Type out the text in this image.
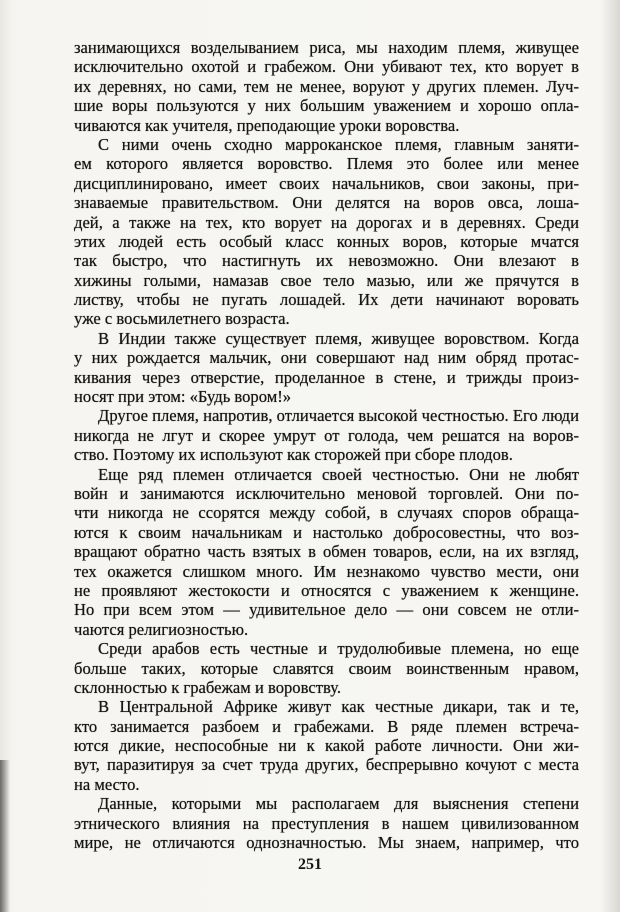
занимающихся возделыванием риса, мы находим племя, живущее
исключительно охотой и грабежом. Они убивают тех, кто ворует в
их деревнях, но сами, тем не менее, воруют у других племен. Луч-
шие воры пользуются у них большим уважением и хорошо опла-
чиваются как учителя, преподающие уроки воровства.
С ними очень сходно марроканское племя, главным заняти-
ем которого является воровство. Племя это более или менее
дисциплинировано, имеет своих начальников, свои законы, при-
знаваемые правительством. Они делятся на воров овса, лоша-
дей, а также на тех, кто ворует на дорогах и в деревнях. Среди
этих людей есть особый класс конных воров, которые мчатся
так быстро, что настигнуть их невозможно. Они влезают в
хижины голыми, намазав свое тело мазью, или же прячутся в
листву, чтобы не пугать лошадей. Их дети начинают воровать
уже с восьмилетнего возраста.
В Индии также существует племя, живущее воровством. Когда
у них рождается мальчик, они совершают над ним обряд протас-
кивания через отверстие, проделанное в стене, и трижды произ-
носят при этом: «Будь вором!»
Другое племя, напротив, отличается высокой честностью. Его люди
никогда не лгут и скорее умрут от голода, чем решатся на воров-
ство. Поэтому их используют как сторожей при сборе плодов.
Еще ряд племен отличается своей честностью. Они не любят
войн и занимаются исключительно меновой торговлей. Они по-
чти никогда не ссорятся между собой, в случаях споров обраща-
ются к своим начальникам и настолько добросовестны, что воз-
вращают обратно часть взятых в обмен товаров, если, на их взгляд,
тех окажется слишком много. Им незнакомо чувство мести, они
не проявляют жестокости и относятся с уважением к женщине.
Но при всем этом — удивительное дело — они совсем не отли-
чаются религиозностью.
Среди арабов есть честные и трудолюбивые племена, но еще
больше таких, которые славятся своим воинственным нравом,
склонностью к грабежам и воровству.
В Центральной Африке живут как честные дикари, так и те,
кто занимается разбоем и грабежами. В ряде племен встреча-
ются дикие, неспособные ни к какой работе личности. Они жи-
вут, паразитируя за счет труда других, беспрерывно кочуют с места
на место.
Данные, которыми мы располагаем для выяснения степени
этнического влияния на преступления в нашем цивилизованном
мире, не отличаются однозначностью. Мы знаем, например, что
251
